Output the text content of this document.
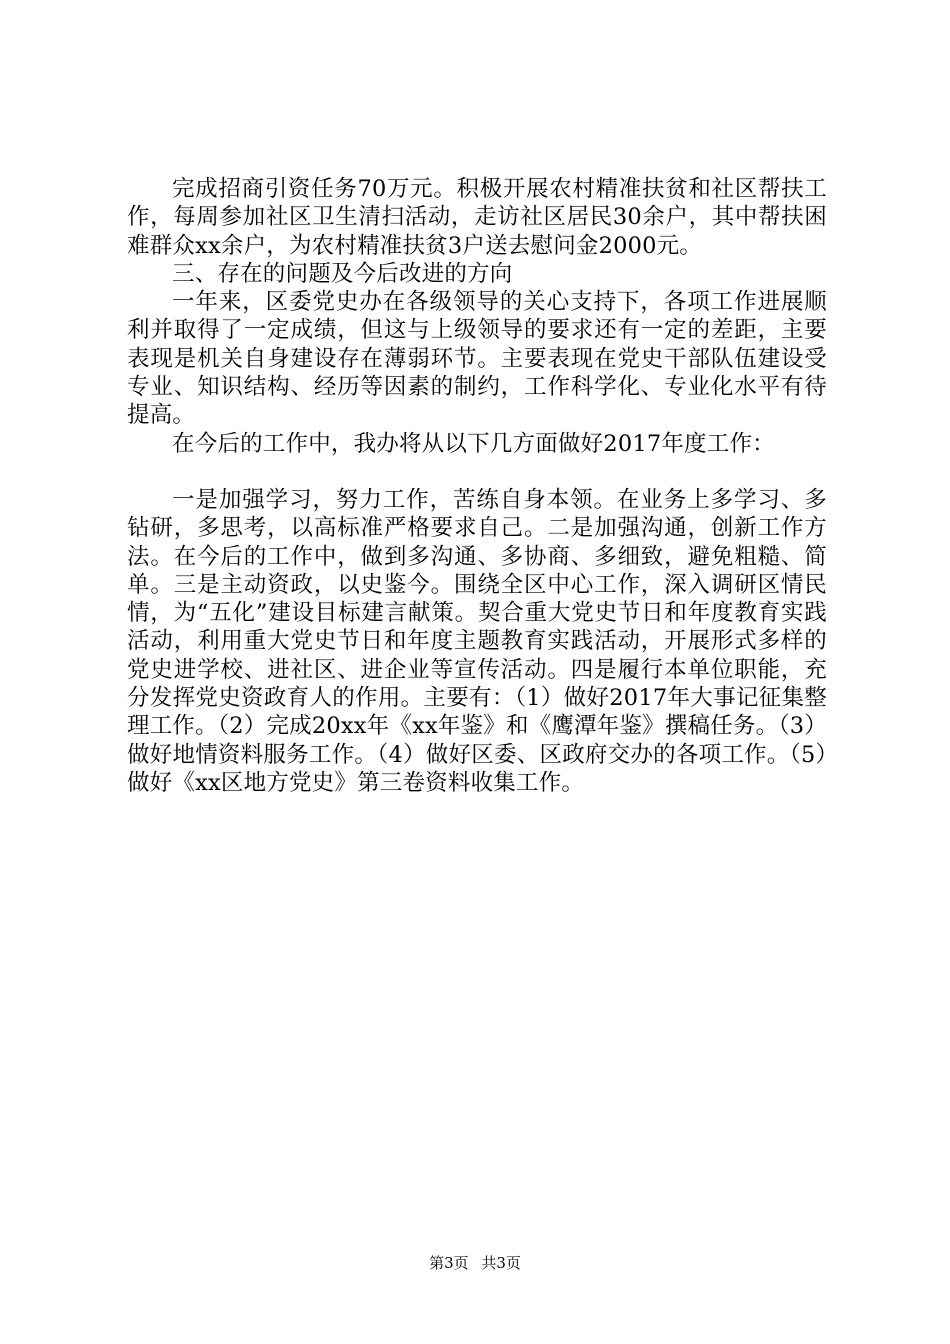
完成招商引资任务70万元。积极开展农村精准扶贫和社区帮扶工作，每周参加社区卫生清扫活动，走访社区居民30余户，其中帮扶困难群众xx余户，为农村精准扶贫3户送去慰问金2000元。

三、存在的问题及今后改进的方向

一年来，区委党史办在各级领导的关心支持下，各项工作进展顺利并取得了一定成绩，但这与上级领导的要求还有一定的差距，主要表现是机关自身建设存在薄弱环节。主要表现在党史干部队伍建设受专业、知识结构、经历等因素的制约，工作科学化、专业化水平有待提高。

在今后的工作中，我办将从以下几方面做好2017年度工作：

一是加强学习，努力工作，苦练自身本领。在业务上多学习、多钻研，多思考，以高标准严格要求自己。二是加强沟通，创新工作方法。在今后的工作中，做到多沟通、多协商、多细致，避免粗糙、简单。三是主动资政，以史鉴今。围绕全区中心工作，深入调研区情民情，为“五化”建设目标建言献策。契合重大党史节日和年度教育实践活动，利用重大党史节日和年度主题教育实践活动，开展形式多样的党史进学校、进社区、进企业等宣传活动。四是履行本单位职能，充分发挥党史资政育人的作用。主要有：（1）做好2017年大事记征集整理工作。（2）完成20xx年《xx年鉴》和《鹰潭年鉴》撰稿任务。（3）做好地情资料服务工作。（4）做好区委、区政府交办的各项工作。（5）做好《xx区地方党史》第三卷资料收集工作。

第3页 共3页
